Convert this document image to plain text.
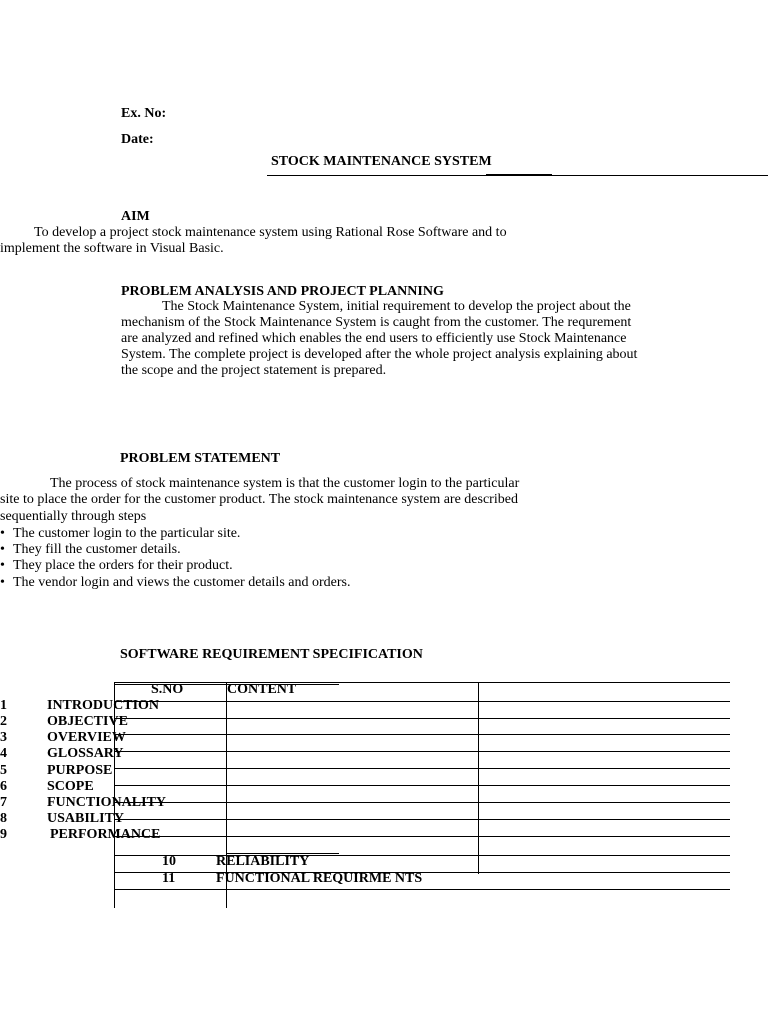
Ex. No:
Date:
STOCK MAINTENANCE SYSTEM
AIM
To develop a project stock maintenance system using Rational Rose Software and to
implement the software in Visual Basic.
PROBLEM ANALYSIS AND PROJECT PLANNING
The Stock Maintenance System, initial requirement to develop the project about the
mechanism of the Stock Maintenance System is caught from the customer. The requrement
are analyzed and refined which enables the end users to efficiently use Stock Maintenance
System. The complete project is developed after the whole project analysis explaining about
the scope and the project statement is prepared.
PROBLEM STATEMENT
The process of stock maintenance system is that the customer login to the particular
site to place the order for the customer product. The stock maintenance system are described
sequentially through steps
• The customer login to the particular site.
• They fill the customer details.
• They place the orders for their product.
• The vendor login and views the customer details and orders.
SOFTWARE REQUIREMENT SPECIFICATION
S.NO	CONTENT
1	INTRODUCTION
2	OBJECTIVE
3	OVERVIEW
4	GLOSSARY
5	PURPOSE
6	SCOPE
7	FUNCTIONALITY
8	USABILITY
9	PERFORMANCE
10	RELIABILITY
11	FUNCTIONAL REQUIRME NTS
